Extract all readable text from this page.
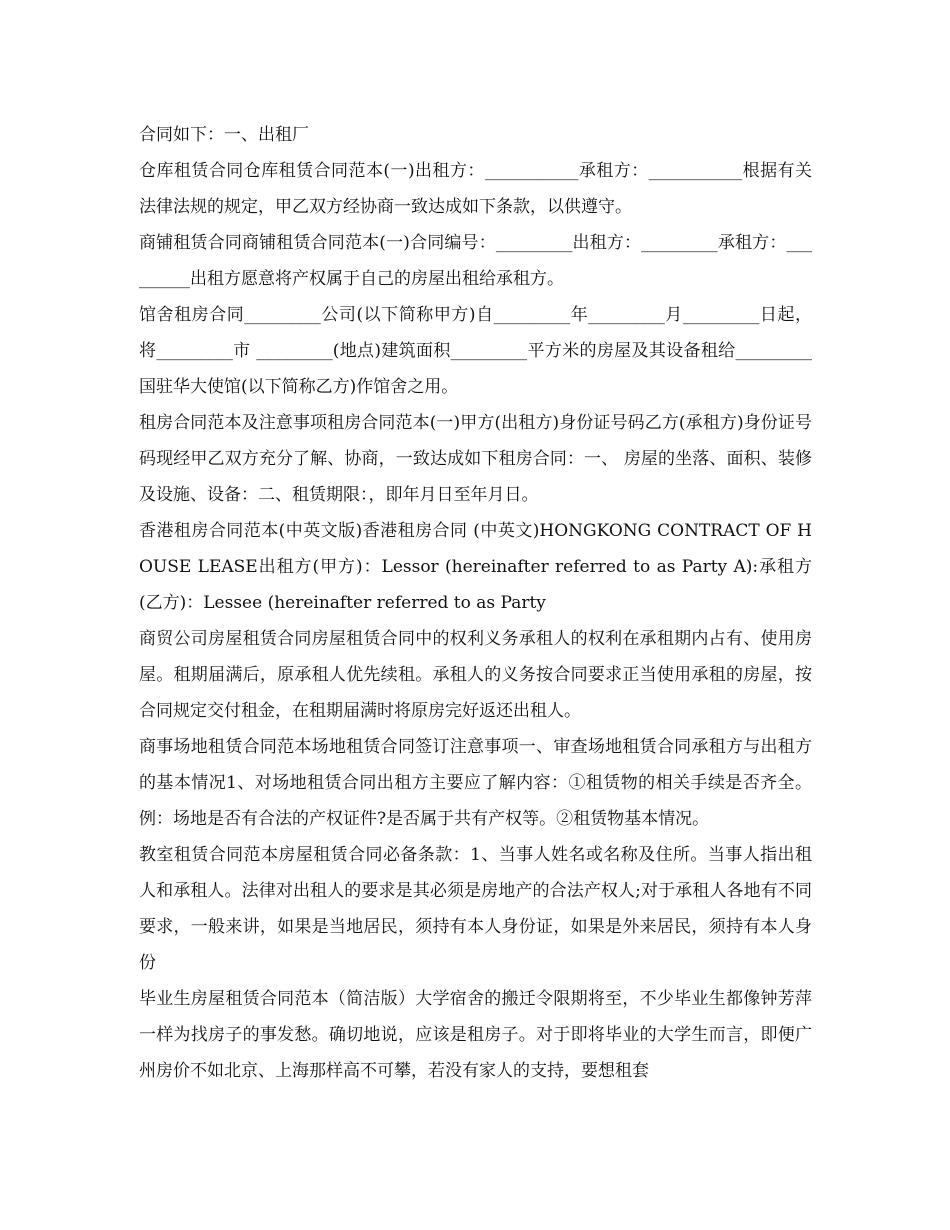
合同如下：一、出租厂

仓库租赁合同仓库租赁合同范本(一)出租方：___________承租方：___________根据有关法律法规的规定，甲乙双方经协商一致达成如下条款，以供遵守。

商铺租赁合同商铺租赁合同范本(一)合同编号：_________出租方：_________承租方：_________出租方愿意将产权属于自己的房屋出租给承租方。

馆舍租房合同_________公司(以下简称甲方)自_________年_________月_________日起，将_________市 _________(地点)建筑面积_________平方米的房屋及其设备租给_________国驻华大使馆(以下简称乙方)作馆舍之用。

租房合同范本及注意事项租房合同范本(一)甲方(出租方)身份证号码乙方(承租方)身份证号码现经甲乙双方充分了解、协商，一致达成如下租房合同：一、 房屋的坐落、面积、装修及设施、设备：二、租赁期限：，即年月日至年月日。

香港租房合同范本(中英文版)香港租房合同 (中英文)HONGKONG CONTRACT OF HOUSE LEASE出租方(甲方)：Lessor (hereinafter referred to as Party A):承租方(乙方)：Lessee (hereinafter referred to as Party

商贸公司房屋租赁合同房屋租赁合同中的权利义务承租人的权利在承租期内占有、使用房屋。租期届满后，原承租人优先续租。承租人的义务按合同要求正当使用承租的房屋，按合同规定交付租金，在租期届满时将原房完好返还出租人。

商事场地租赁合同范本场地租赁合同签订注意事项一、审查场地租赁合同承租方与出租方的基本情况1、对场地租赁合同出租方主要应了解内容：①租赁物的相关手续是否齐全。例：场地是否有合法的产权证件?是否属于共有产权等。②租赁物基本情况。

教室租赁合同范本房屋租赁合同必备条款：1、当事人姓名或名称及住所。当事人指出租人和承租人。法律对出租人的要求是其必须是房地产的合法产权人;对于承租人各地有不同要求，一般来讲，如果是当地居民，须持有本人身份证，如果是外来居民，须持有本人身份

毕业生房屋租赁合同范本（简洁版）大学宿舍的搬迁令限期将至，不少毕业生都像钟芳萍一样为找房子的事发愁。确切地说，应该是租房子。对于即将毕业的大学生而言，即便广州房价不如北京、上海那样高不可攀，若没有家人的支持，要想租套
